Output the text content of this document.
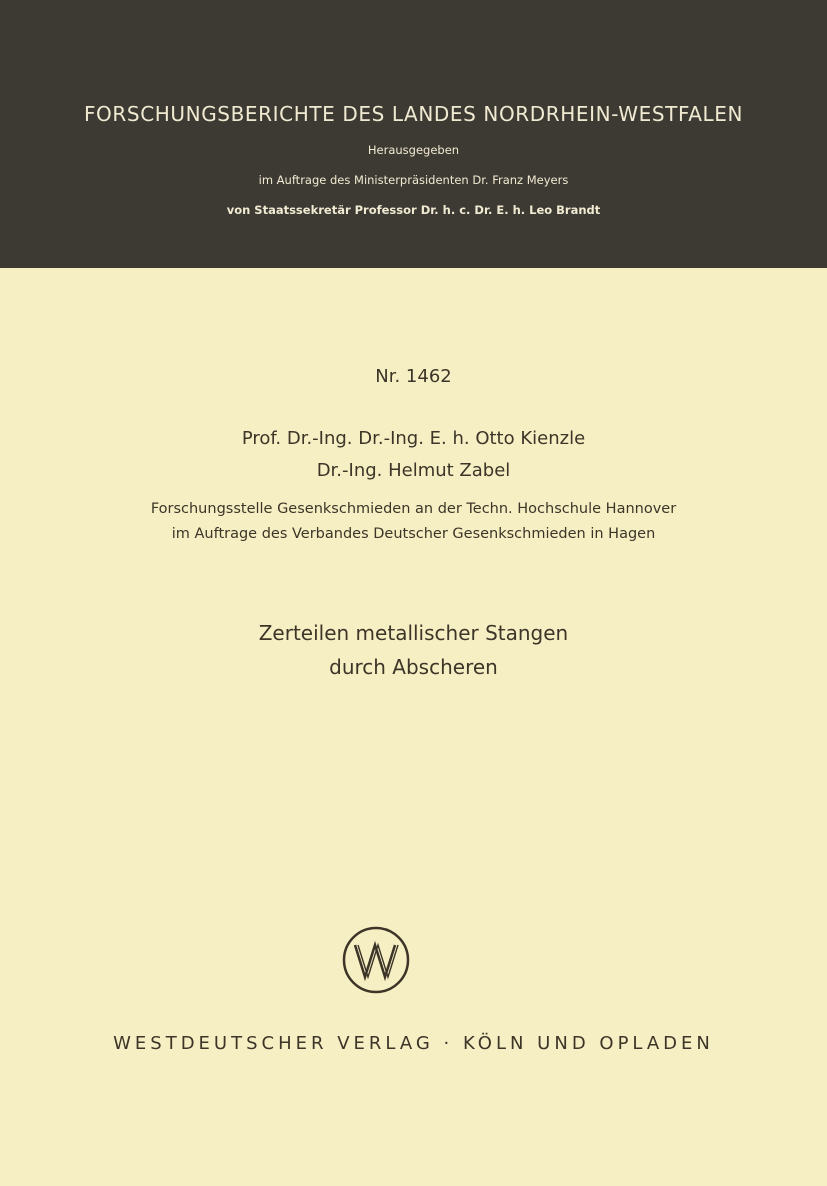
FORSCHUNGSBERICHTE DES LANDES NORDRHEIN-WESTFALEN
Herausgegeben
im Auftrage des Ministerpräsidenten Dr. Franz Meyers
von Staatssekretär Professor Dr. h. c. Dr. E. h. Leo Brandt
Nr. 1462
Prof. Dr.-Ing. Dr.-Ing. E. h. Otto Kienzle
Dr.-Ing. Helmut Zabel
Forschungsstelle Gesenkschmieden an der Techn. Hochschule Hannover
im Auftrage des Verbandes Deutscher Gesenkschmieden in Hagen
Zerteilen metallischer Stangen
durch Abscheren
WESTDEUTSCHER VERLAG · KÖLN UND OPLADEN
